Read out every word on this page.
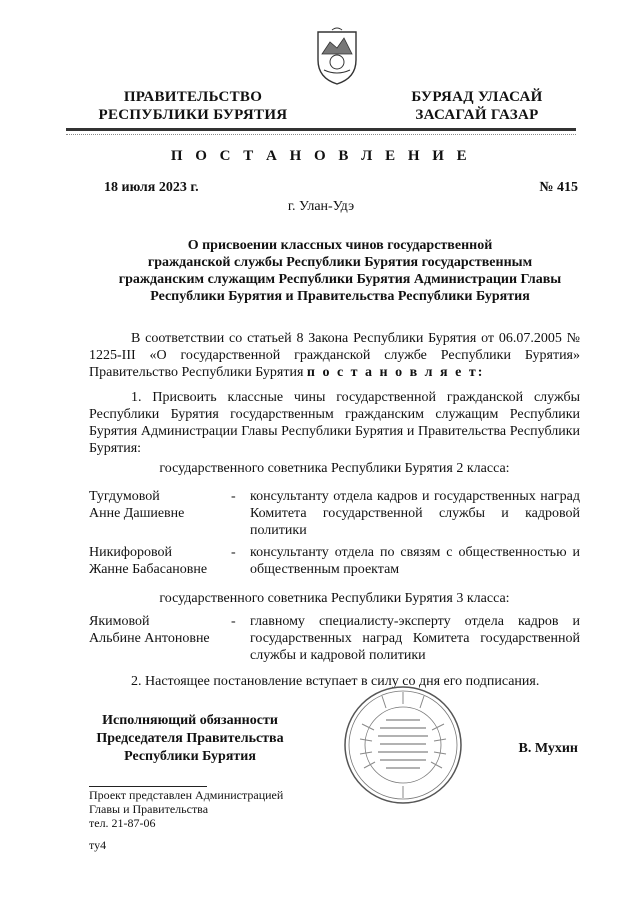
ПРАВИТЕЛЬСТВО
РЕСПУБЛИКИ БУРЯТИЯ
БУРЯАД УЛАСАЙ
ЗАСАГАЙ ГАЗАР
П О С Т А Н О В Л Е Н И Е
18 июля 2023 г.	№ 415
г. Улан-Удэ
О присвоении классных чинов государственной
гражданской службы Республики Бурятия государственным
гражданским служащим Республики Бурятия Администрации Главы
Республики Бурятия и Правительства Республики Бурятия
В соответствии со статьей 8 Закона Республики Бурятия от 06.07.2005 № 1225-III «О государственной гражданской службе Республики Бурятия» Правительство Республики Бурятия п о с т а н о в л я е т:
1. Присвоить классные чины государственной гражданской службы Республики Бурятия государственным гражданским служащим Республики Бурятия Администрации Главы Республики Бурятия и Правительства Республики Бурятия:
государственного советника Республики Бурятия 2 класса:
Тугдумовой
Анне Дашиевне
- консультанту отдела кадров и государственных наград Комитета государственной службы и кадровой политики
Никифоровой
Жанне Бабасановне
- консультанту отдела по связям с общественностью и общественным проектам
государственного советника Республики Бурятия 3 класса:
Якимовой
Альбине Антоновне
- главному специалисту-эксперту отдела кадров и государственных наград Комитета государственной службы и кадровой политики
2. Настоящее постановление вступает в силу со дня его подписания.
Исполняющий обязанности
Председателя Правительства
Республики Бурятия
В. Мухин
Проект представлен Администрацией
Главы и Правительства
тел. 21-87-06
ту4
